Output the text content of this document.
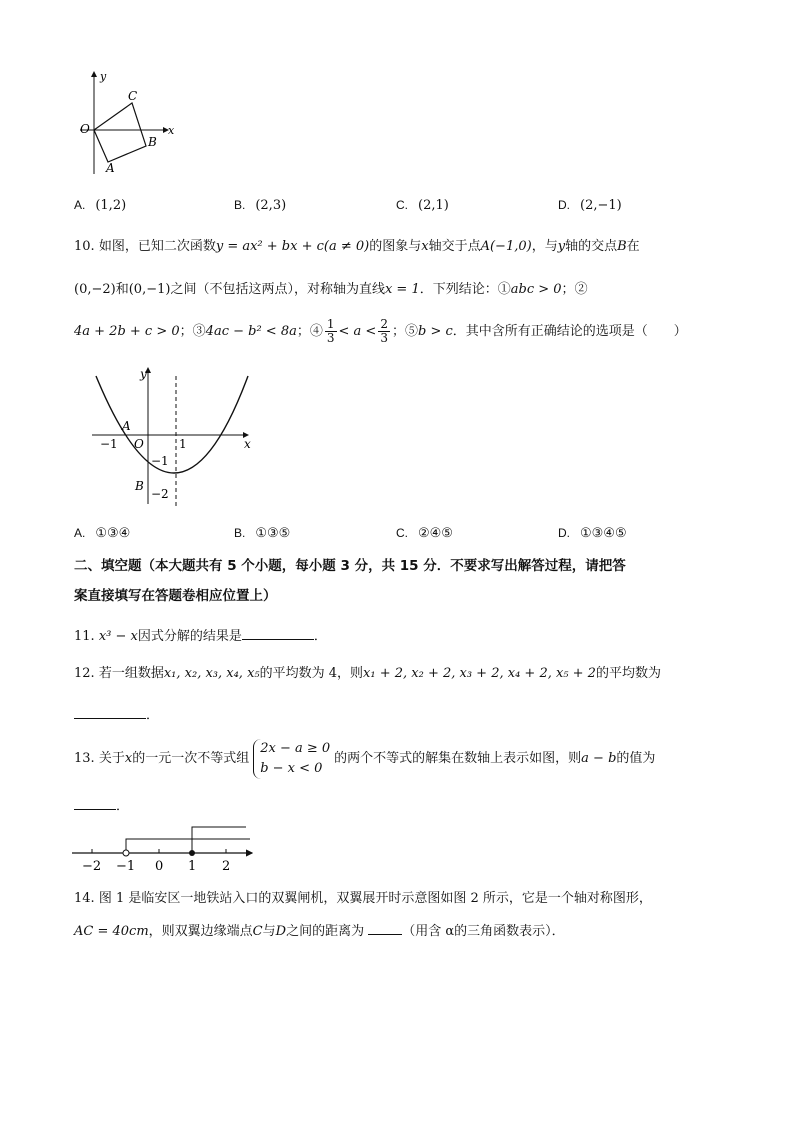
y
x
O
C
B
A
A. (1,2)	B. (2,3)	C. (2,1)	D. (2,−1)
10. 如图，已知二次函数y = ax² + bx + c(a ≠ 0)的图象与x轴交于点A(−1,0)，与y轴的交点B在
(0,−2)和(0,−1)之间（不包括这两点），对称轴为直线x = 1．下列结论：①abc > 0；②
4a + 2b + c > 0；③4ac − b² < 8a；④ $\frac{1}{3} < a < \frac{2}{3}$ ；⑤b > c．其中含所有正确结论的选项是（　　）
y
x
O
A
−1	1
−1
−2
B
A. ①③④	B. ①③⑤	C. ②④⑤	D. ①③④⑤
二、填空题（本大题共有 5 个小题，每小题 3 分，共 15 分．不要求写出解答过程，请把答
案直接填写在答题卷相应位置上）
11. x³ − x因式分解的结果是	．
12. 若一组数据x₁, x₂, x₃, x₄, x₅的平均数为 4，则x₁ + 2, x₂ + 2, x₃ + 2, x₄ + 2, x₅ + 2的平均数为
．
13. 关于x的一元一次不等式组
2x − a ≥ 0
b − x < 0
的两个不等式的解集在数轴上表示如图，则a − b的值为
．
−2 −1 0 1 2
14. 图 1 是临安区一地铁站入口的双翼闸机，双翼展开时示意图如图 2 所示，它是一个轴对称图形，
AC = 40cm，则双翼边缘端点C与D之间的距离为	（用含 α的三角函数表示）．
